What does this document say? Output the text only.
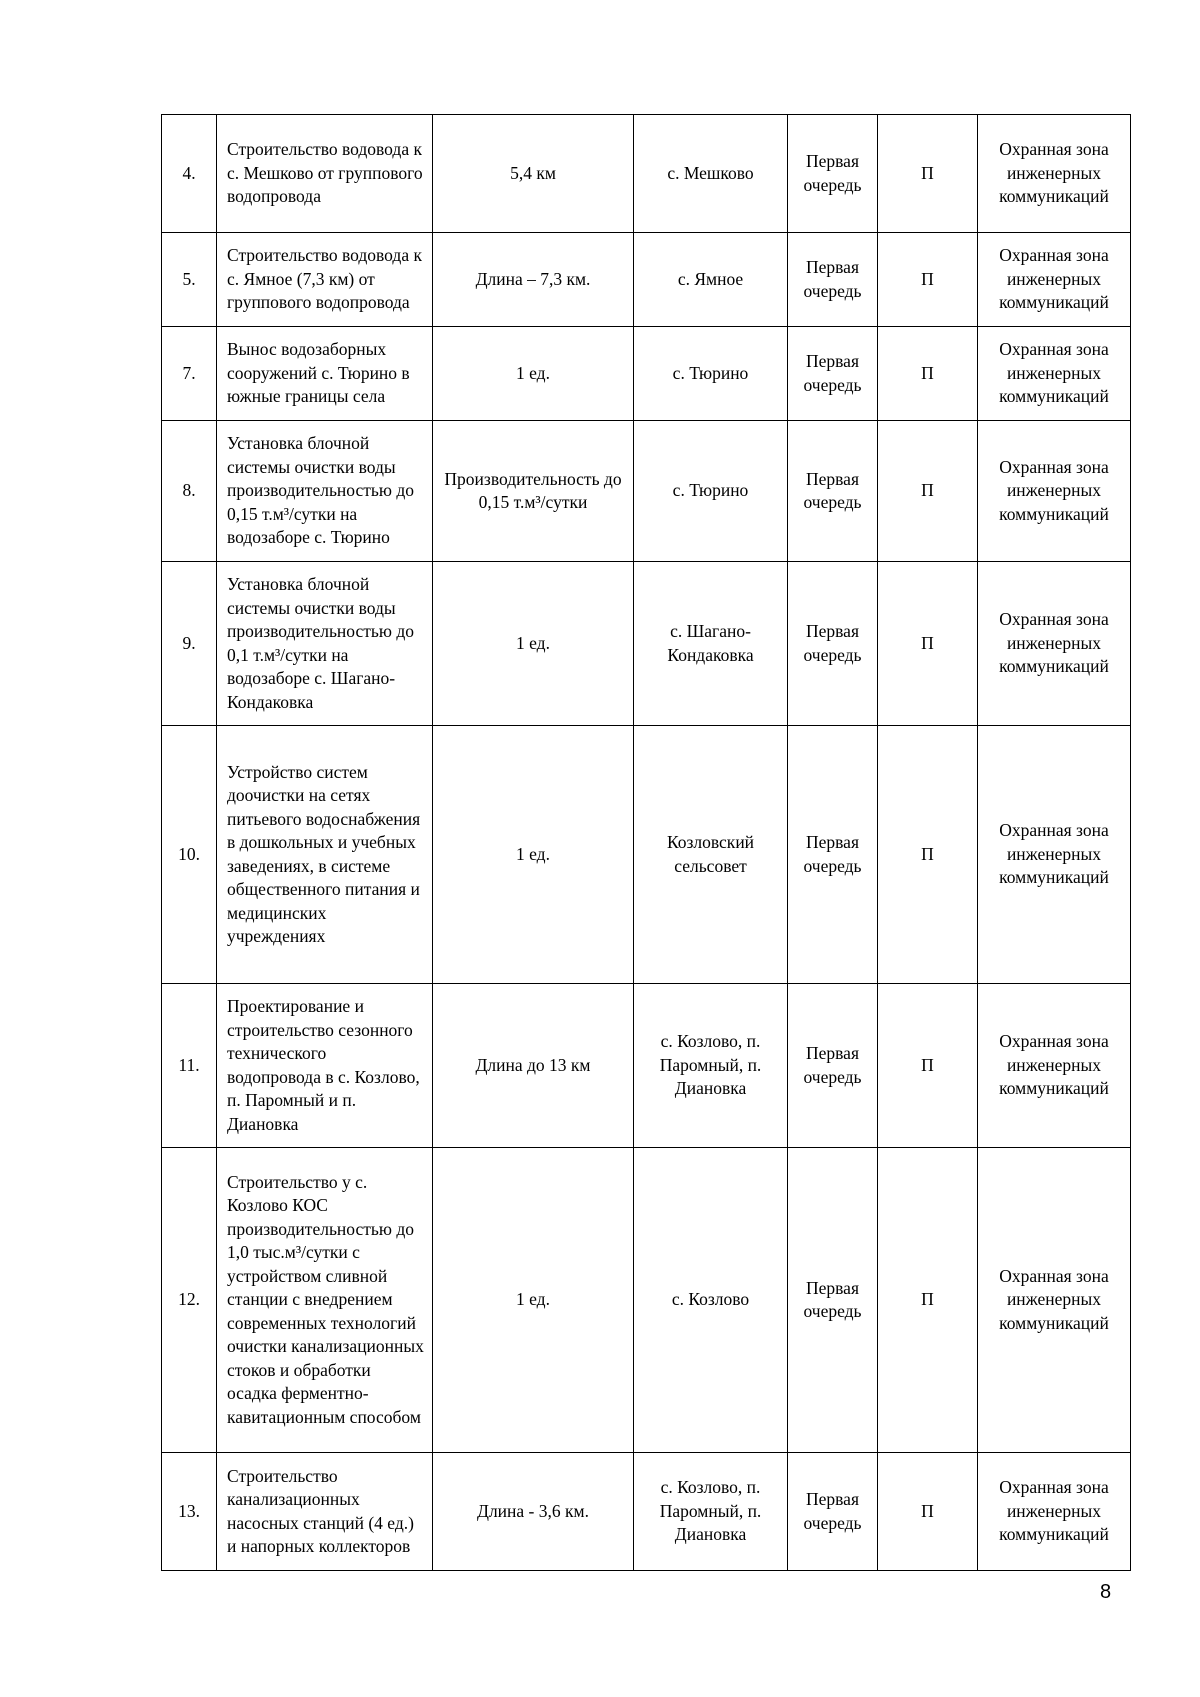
4.	Строительство водовода к с. Мешково от группового водопровода	5,4 км	с. Мешково	Первая очередь	П	Охранная зона инженерных коммуникаций
5.	Строительство водовода к с. Ямное (7,3 км) от группового водопровода	Длина – 7,3 км.	с. Ямное	Первая очередь	П	Охранная зона инженерных коммуникаций
7.	Вынос водозаборных сооружений с. Тюрино в южные границы села	1 ед.	с. Тюрино	Первая очередь	П	Охранная зона инженерных коммуникаций
8.	Установка блочной системы очистки воды производительностью до 0,15 т.м³/сутки на водозаборе с. Тюрино	Производительность до 0,15 т.м³/сутки	с. Тюрино	Первая очередь	П	Охранная зона инженерных коммуникаций
9.	Установка блочной системы очистки воды производительностью до 0,1 т.м³/сутки на водозаборе с. Шагано-Кондаковка	1 ед.	с. Шагано-Кондаковка	Первая очередь	П	Охранная зона инженерных коммуникаций
10.	Устройство систем доочистки на сетях питьевого водоснабжения в дошкольных и учебных заведениях, в системе общественного питания и медицинских учреждениях	1 ед.	Козловский сельсовет	Первая очередь	П	Охранная зона инженерных коммуникаций
11.	Проектирование и строительство сезонного технического водопровода в с. Козлово, п. Паромный и п. Диановка	Длина до 13 км	с. Козлово, п. Паромный, п. Диановка	Первая очередь	П	Охранная зона инженерных коммуникаций
12.	Строительство у с. Козлово КОС производительностью до 1,0 тыс.м³/сутки с устройством сливной станции с внедрением современных технологий очистки канализационных стоков и обработки осадка ферментно-кавитационным способом	1 ед.	с. Козлово	Первая очередь	П	Охранная зона инженерных коммуникаций
13.	Строительство канализационных насосных станций (4 ед.) и напорных коллекторов	Длина - 3,6 км.	с. Козлово, п. Паромный, п. Диановка	Первая очередь	П	Охранная зона инженерных коммуникаций
8
